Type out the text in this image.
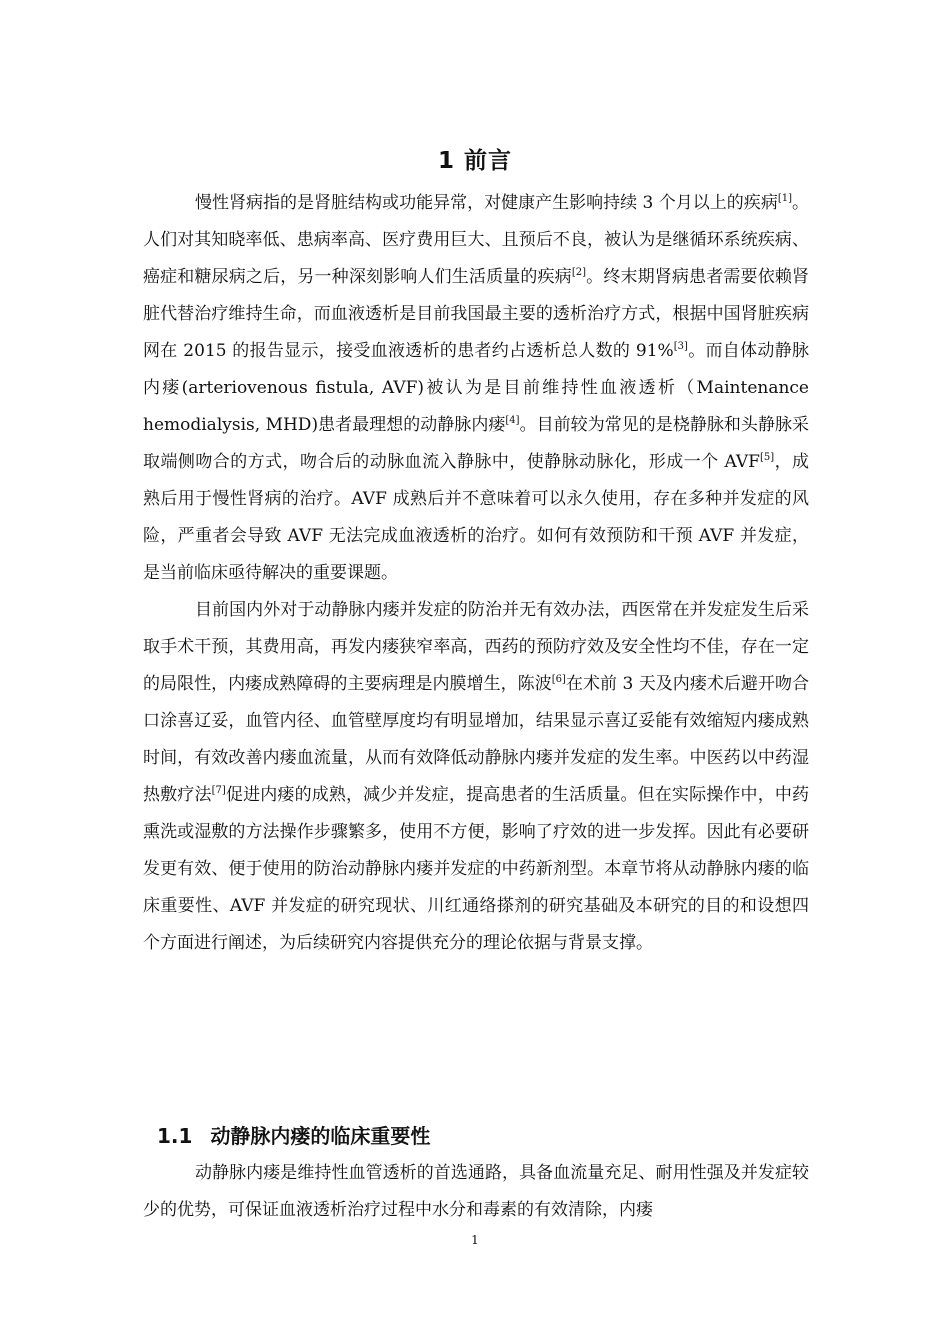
1 前言

慢性肾病指的是肾脏结构或功能异常，对健康产生影响持续 3 个月以上的疾病[1]。人们对其知晓率低、患病率高、医疗费用巨大、且预后不良，被认为是继循环系统疾病、癌症和糖尿病之后，另一种深刻影响人们生活质量的疾病[2]。终末期肾病患者需要依赖肾脏代替治疗维持生命，而血液透析是目前我国最主要的透析治疗方式，根据中国肾脏疾病网在 2015 的报告显示，接受血液透析的患者约占透析总人数的 91%[3]。而自体动静脉内瘘(arteriovenous fistula, AVF)被认为是目前维持性血液透析（Maintenance hemodialysis, MHD)患者最理想的动静脉内瘘[4]。目前较为常见的是桡静脉和头静脉采取端侧吻合的方式，吻合后的动脉血流入静脉中，使静脉动脉化，形成一个 AVF[5]，成熟后用于慢性肾病的治疗。AVF 成熟后并不意味着可以永久使用，存在多种并发症的风险，严重者会导致 AVF 无法完成血液透析的治疗。如何有效预防和干预 AVF 并发症，是当前临床亟待解决的重要课题。

目前国内外对于动静脉内瘘并发症的防治并无有效办法，西医常在并发症发生后采取手术干预，其费用高，再发内瘘狭窄率高，西药的预防疗效及安全性均不佳，存在一定的局限性，内瘘成熟障碍的主要病理是内膜增生，陈波[6]在术前 3 天及内瘘术后避开吻合口涂喜辽妥，血管内径、血管壁厚度均有明显增加，结果显示喜辽妥能有效缩短内瘘成熟时间，有效改善内瘘血流量，从而有效降低动静脉内瘘并发症的发生率。中医药以中药湿热敷疗法[7]促进内瘘的成熟，减少并发症，提高患者的生活质量。但在实际操作中，中药熏洗或湿敷的方法操作步骤繁多，使用不方便，影响了疗效的进一步发挥。因此有必要研发更有效、便于使用的防治动静脉内瘘并发症的中药新剂型。本章节将从动静脉内瘘的临床重要性、AVF 并发症的研究现状、川红通络搽剂的研究基础及本研究的目的和设想四个方面进行阐述，为后续研究内容提供充分的理论依据与背景支撑。

1.1 动静脉内瘘的临床重要性

动静脉内瘘是维持性血管透析的首选通路，具备血流量充足、耐用性强及并发症较少的优势，可保证血液透析治疗过程中水分和毒素的有效清除，内瘘

1
